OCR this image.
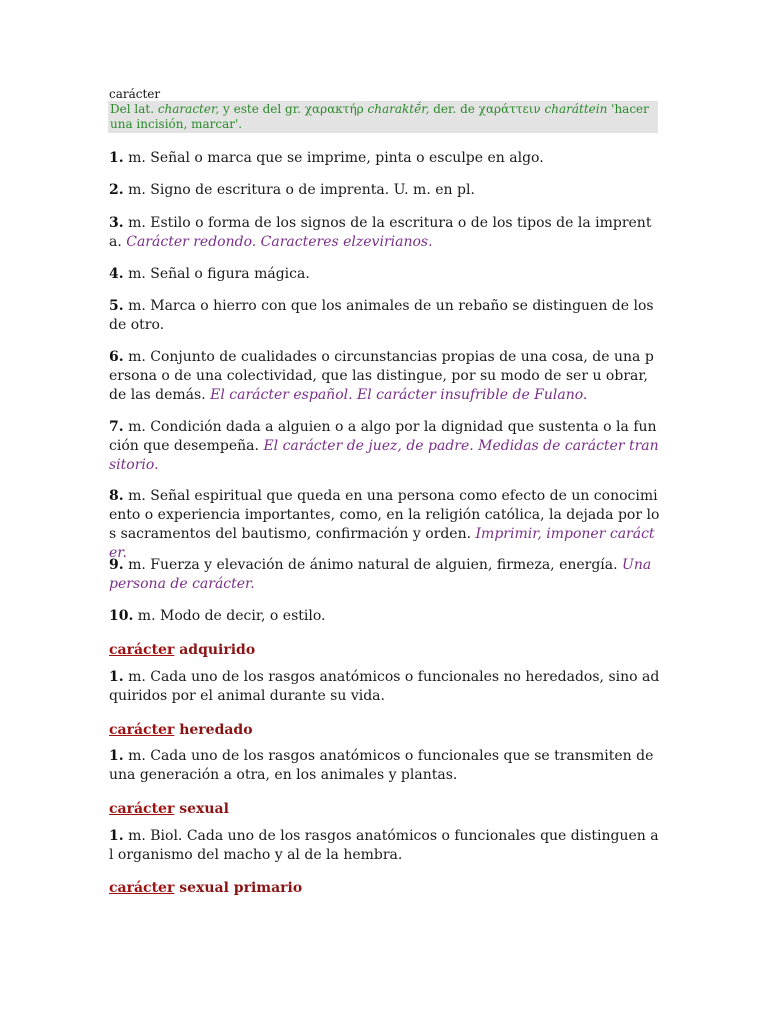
carácter
Del lat. character, y este del gr. χαρακτήρ charaktḗr, der. de χαράττειν charáttein 'hacer una incisión, marcar'.
1. m. Señal o marca que se imprime, pinta o esculpe en algo.
2. m. Signo de escritura o de imprenta. U. m. en pl.
3. m. Estilo o forma de los signos de la escritura o de los tipos de la imprenta. Carácter redondo. Caracteres elzevirianos.
4. m. Señal o figura mágica.
5. m. Marca o hierro con que los animales de un rebaño se distinguen de los de otro.
6. m. Conjunto de cualidades o circunstancias propias de una cosa, de una persona o de una colectividad, que las distingue, por su modo de ser u obrar, de las demás. El carácter español. El carácter insufrible de Fulano.
7. m. Condición dada a alguien o a algo por la dignidad que sustenta o la función que desempeña. El carácter de juez, de padre. Medidas de carácter transitorio.
8. m. Señal espiritual que queda en una persona como efecto de un conocimiento o experiencia importantes, como, en la religión católica, la dejada por los sacramentos del bautismo, confirmación y orden. Imprimir, imponer carácter.
9. m. Fuerza y elevación de ánimo natural de alguien, firmeza, energía. Una persona de carácter.
10. m. Modo de decir, o estilo.
carácter adquirido
1. m. Cada uno de los rasgos anatómicos o funcionales no heredados, sino adquiridos por el animal durante su vida.
carácter heredado
1. m. Cada uno de los rasgos anatómicos o funcionales que se transmiten de una generación a otra, en los animales y plantas.
carácter sexual
1. m. Biol. Cada uno de los rasgos anatómicos o funcionales que distinguen al organismo del macho y al de la hembra.
carácter sexual primario
